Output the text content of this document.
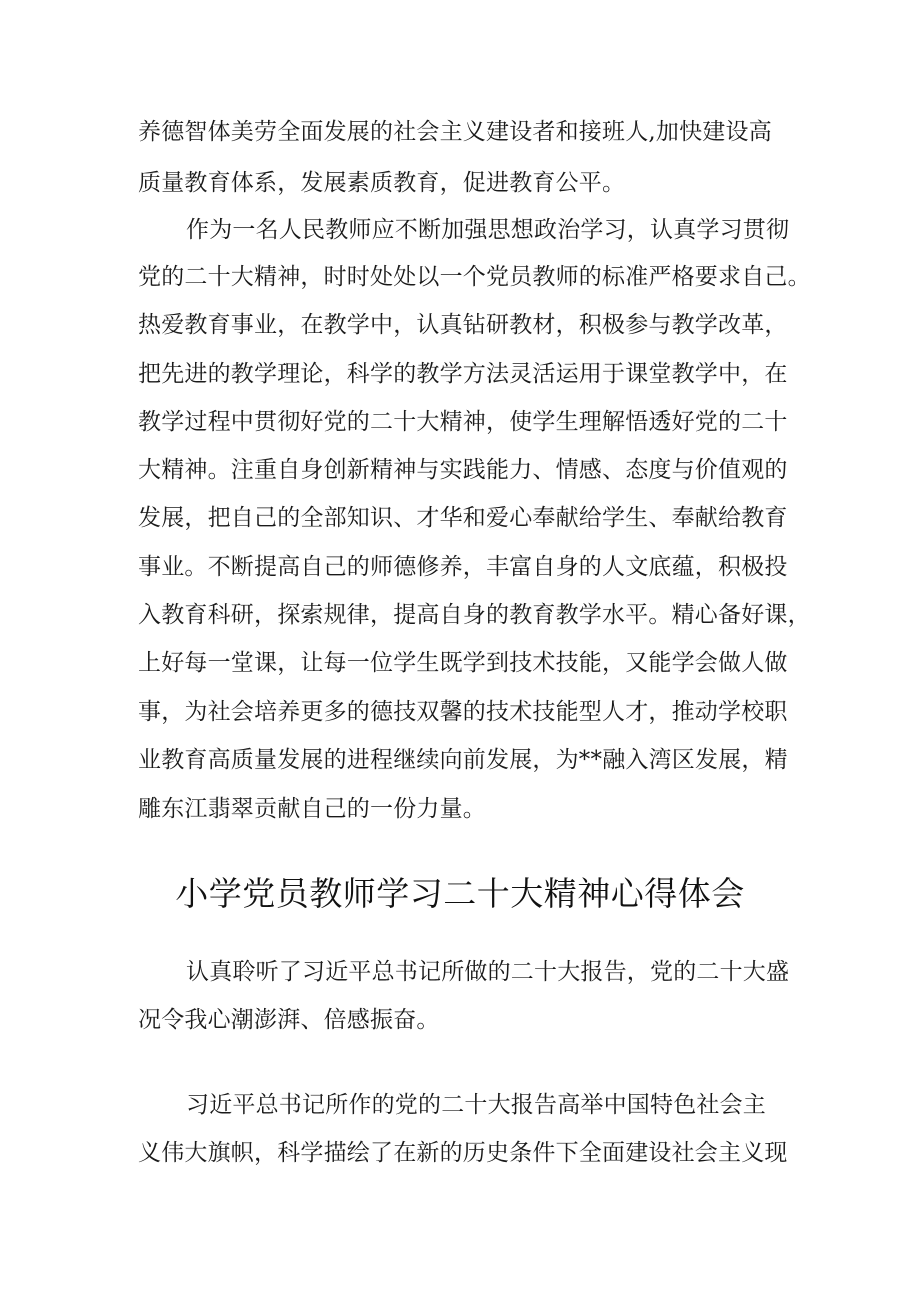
养德智体美劳全面发展的社会主义建设者和接班人,加快建设高
质量教育体系，发展素质教育，促进教育公平。
作为一名人民教师应不断加强思想政治学习，认真学习贯彻
党的二十大精神，时时处处以一个党员教师的标准严格要求自己。
热爱教育事业，在教学中，认真钻研教材，积极参与教学改革，
把先进的教学理论，科学的教学方法灵活运用于课堂教学中，在
教学过程中贯彻好党的二十大精神，使学生理解悟透好党的二十
大精神。注重自身创新精神与实践能力、情感、态度与价值观的
发展，把自己的全部知识、才华和爱心奉献给学生、奉献给教育
事业。不断提高自己的师德修养，丰富自身的人文底蕴，积极投
入教育科研，探索规律，提高自身的教育教学水平。精心备好课，
上好每一堂课，让每一位学生既学到技术技能，又能学会做人做
事，为社会培养更多的德技双馨的技术技能型人才，推动学校职
业教育高质量发展的进程继续向前发展，为**融入湾区发展，精
雕东江翡翠贡献自己的一份力量。
小学党员教师学习二十大精神心得体会
认真聆听了习近平总书记所做的二十大报告，党的二十大盛
况令我心潮澎湃、倍感振奋。
习近平总书记所作的党的二十大报告高举中国特色社会主
义伟大旗帜，科学描绘了在新的历史条件下全面建设社会主义现
